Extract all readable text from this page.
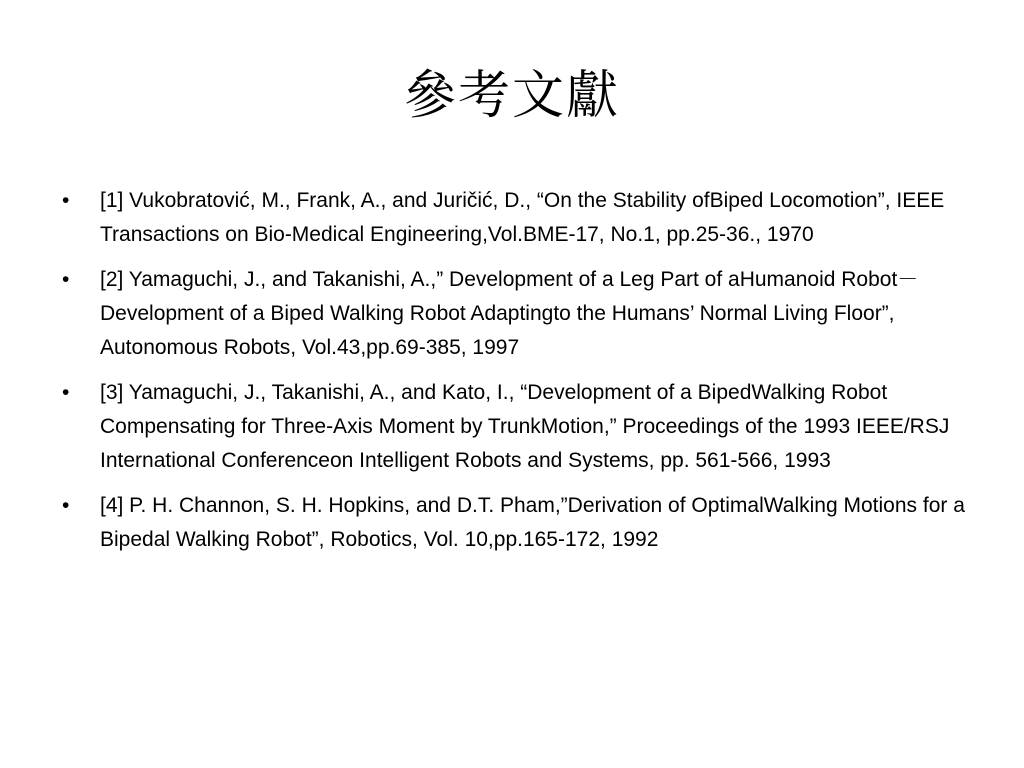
參考文獻
• [1] Vukobratović, M., Frank, A., and Juričić, D., “On the Stability ofBiped Locomotion”, IEEE Transactions on Bio-Medical Engineering,Vol.BME-17, No.1, pp.25-36., 1970
• [2] Yamaguchi, J., and Takanishi, A.,” Development of a Leg Part of aHumanoid Robot－Development of a Biped Walking Robot Adaptingto the Humans’ Normal Living Floor”, Autonomous Robots, Vol.43,pp.69-385, 1997
• [3] Yamaguchi, J., Takanishi, A., and Kato, I., “Development of a BipedWalking Robot Compensating for Three-Axis Moment by TrunkMotion,” Proceedings of the 1993 IEEE/RSJ International Conferenceon Intelligent Robots and Systems, pp. 561-566, 1993
• [4] P. H. Channon, S. H. Hopkins, and D.T. Pham,”Derivation of OptimalWalking Motions for a Bipedal Walking Robot”, Robotics, Vol. 10,pp.165-172, 1992
